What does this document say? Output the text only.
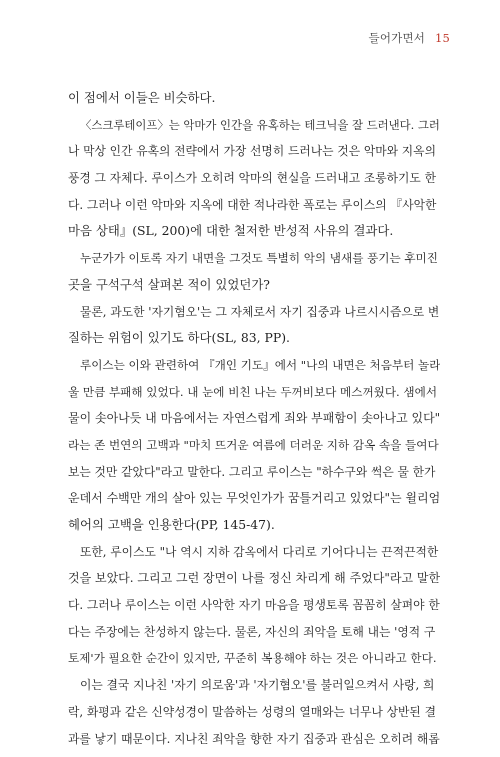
들어가면서 15
이 점에서 이들은 비슷하다.
〈스크루테이프〉는 악마가 인간을 유혹하는 테크닉을 잘 드러낸다. 그러
나 막상 인간 유혹의 전략에서 가장 선명히 드러나는 것은 악마와 지옥의
풍경 그 자체다. 루이스가 오히려 악마의 현실을 드러내고 조롱하기도 한
다. 그러나 이런 악마와 지옥에 대한 적나라한 폭로는 루이스의 『사악한
마음 상태』(SL, 200)에 대한 철저한 반성적 사유의 결과다.
누군가가 이토록 자기 내면을 그것도 특별히 악의 냄새를 풍기는 후미진
곳을 구석구석 살펴본 적이 있었던가?
물론, 과도한 '자기혐오'는 그 자체로서 자기 집중과 나르시시즘으로 변
질하는 위험이 있기도 하다(SL, 83, PP).
루이스는 이와 관련하여 『개인 기도』에서 "나의 내면은 처음부터 놀라
울 만큼 부패해 있었다. 내 눈에 비친 나는 두꺼비보다 메스꺼웠다. 샘에서
물이 솟아나듯 내 마음에서는 자연스럽게 죄와 부패함이 솟아나고 있다"
라는 존 번연의 고백과 "마치 뜨거운 여름에 더러운 지하 감옥 속을 들여다
보는 것만 같았다"라고 말한다. 그리고 루이스는 "하수구와 썩은 물 한가
운데서 수백만 개의 살아 있는 무엇인가가 꿈틀거리고 있었다"는 윌리엄
헤어의 고백을 인용한다(PP, 145-47).
또한, 루이스도 "나 역시 지하 감옥에서 다리로 기어다니는 끈적끈적한
것을 보았다. 그리고 그런 장면이 나를 정신 차리게 해 주었다"라고 말한
다. 그러나 루이스는 이런 사악한 자기 마음을 평생토록 꼼꼼히 살펴야 한
다는 주장에는 찬성하지 않는다. 물론, 자신의 죄악을 토해 내는 '영적 구
토제'가 필요한 순간이 있지만, 꾸준히 복용해야 하는 것은 아니라고 한다.
이는 결국 지나친 '자기 의로움'과 '자기혐오'를 불러일으켜서 사랑, 희
락, 화평과 같은 신약성경이 말씀하는 성령의 열매와는 너무나 상반된 결
과를 낳기 때문이다. 지나친 죄악을 향한 자기 집중과 관심은 오히려 해롭
